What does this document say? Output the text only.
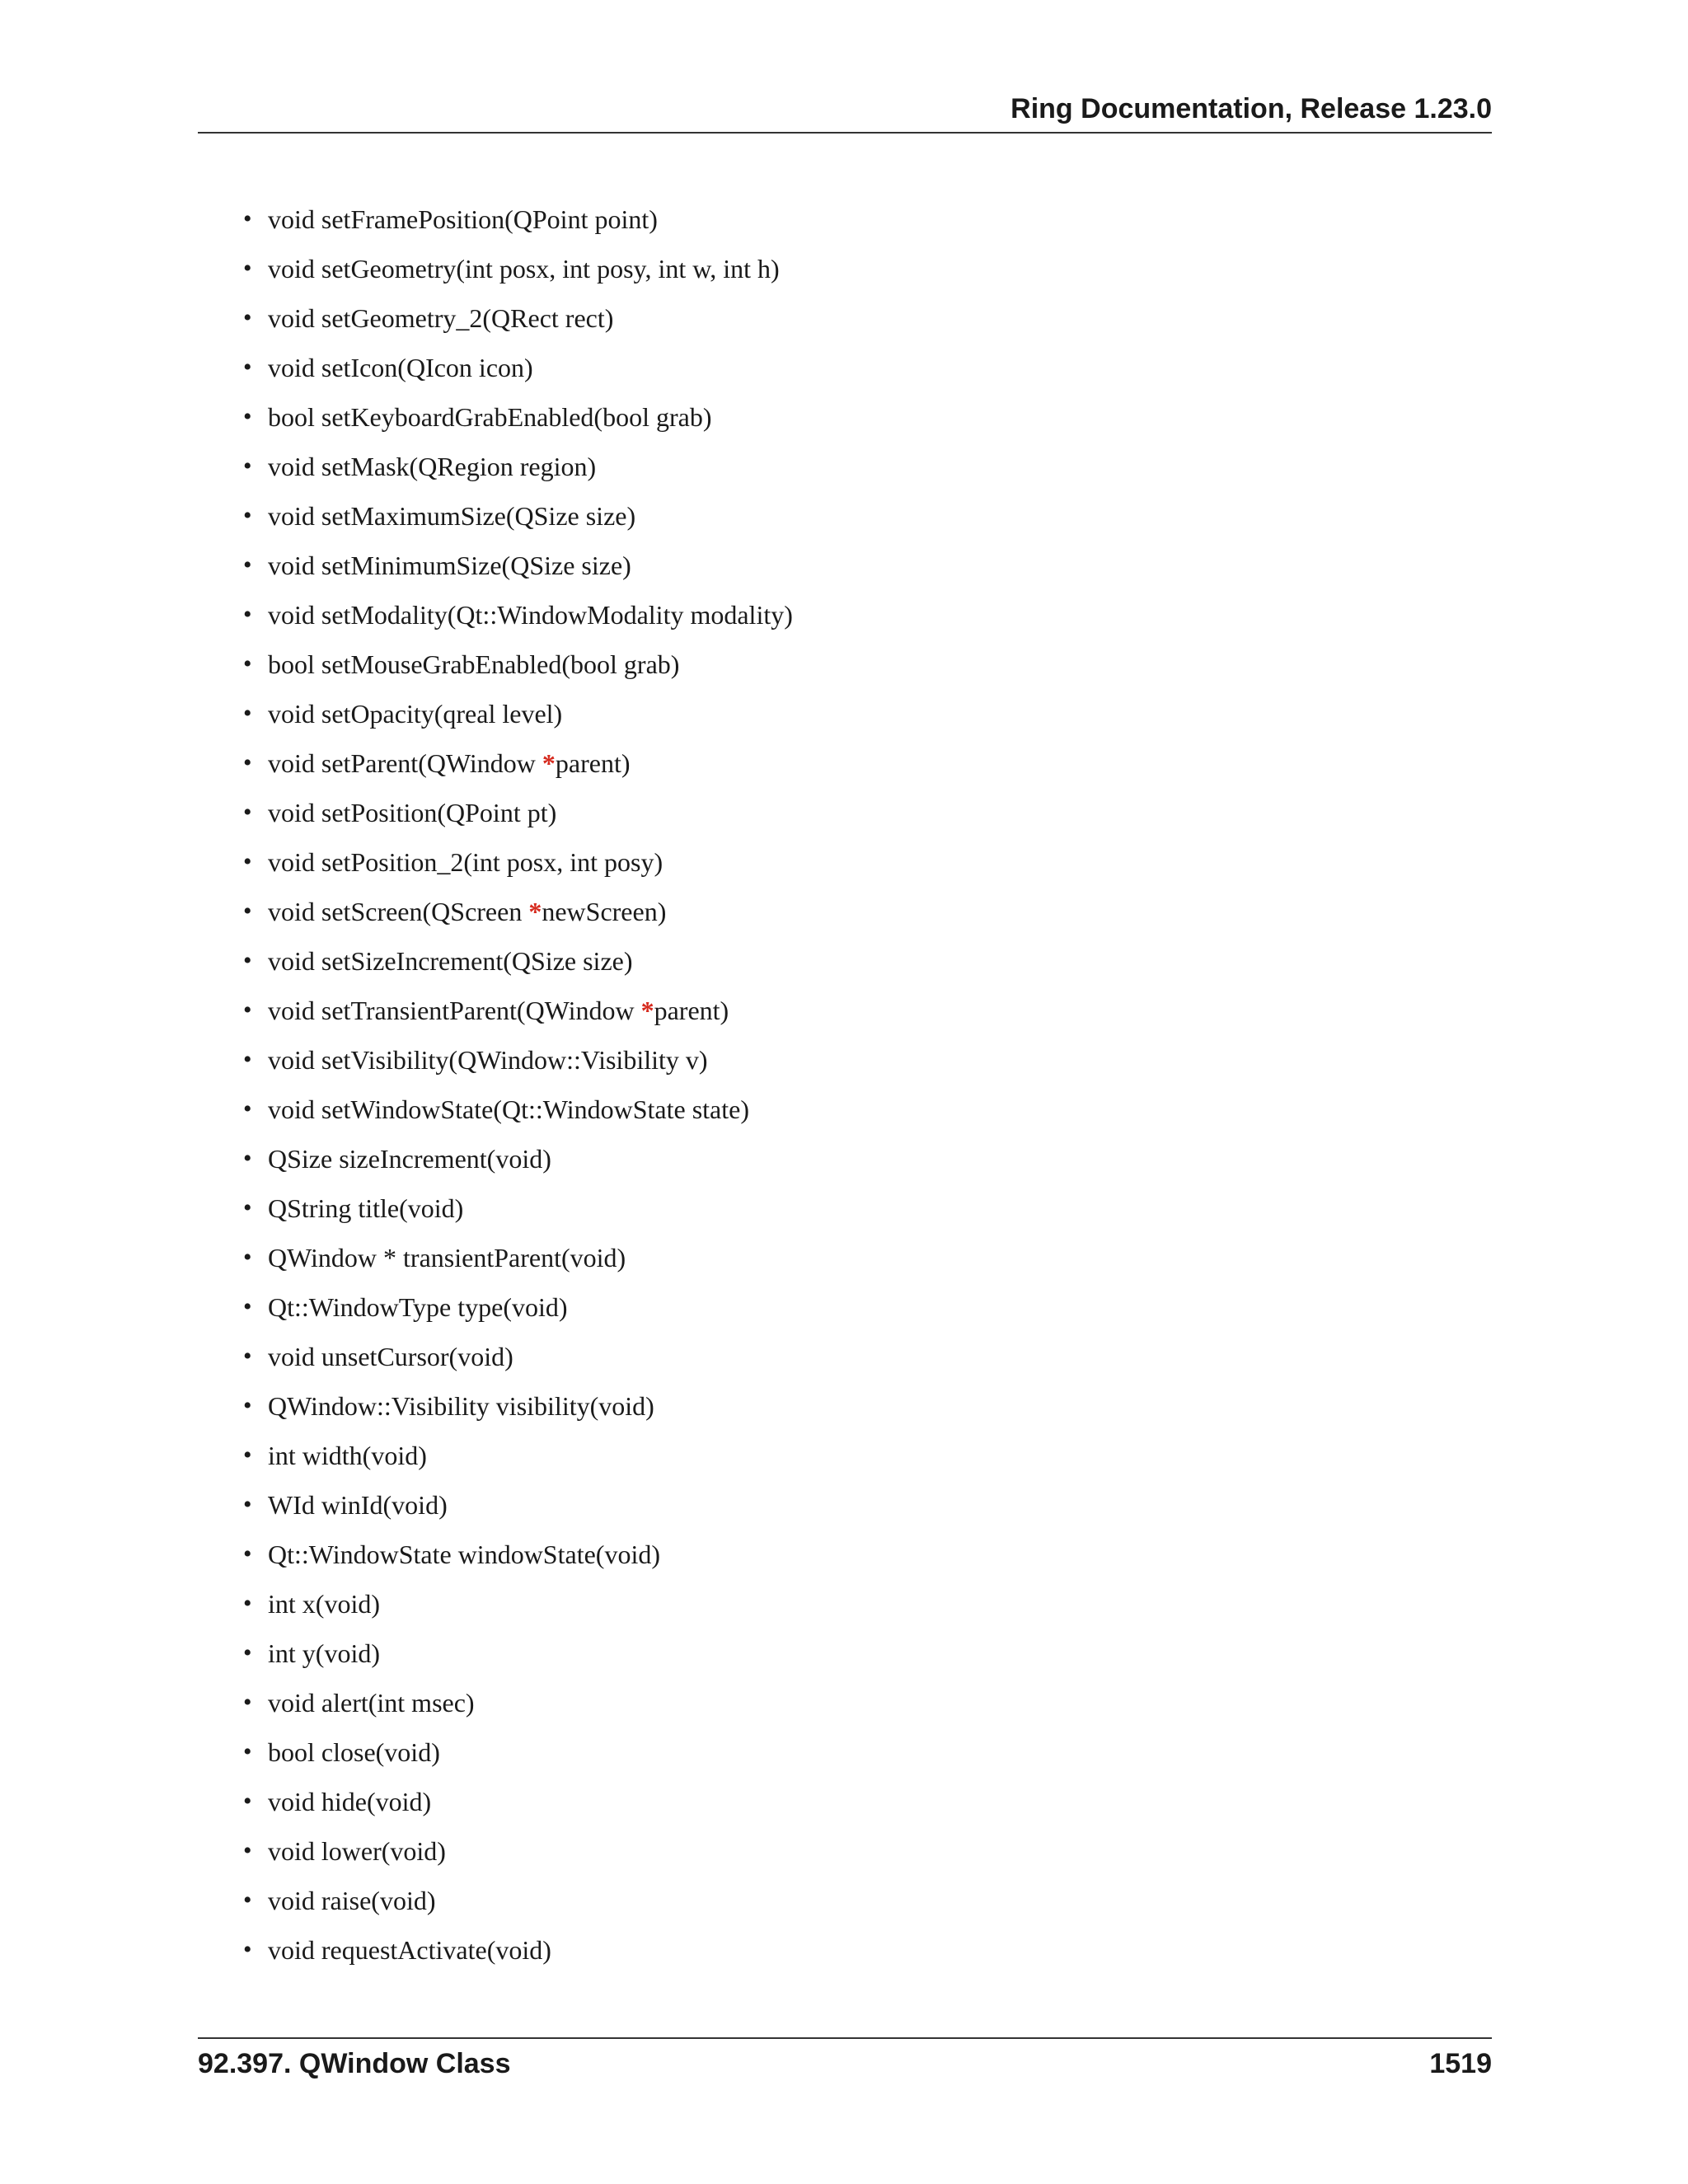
Ring Documentation, Release 1.23.0
• void setFramePosition(QPoint point)
• void setGeometry(int posx, int posy, int w, int h)
• void setGeometry_2(QRect rect)
• void setIcon(QIcon icon)
• bool setKeyboardGrabEnabled(bool grab)
• void setMask(QRegion region)
• void setMaximumSize(QSize size)
• void setMinimumSize(QSize size)
• void setModality(Qt::WindowModality modality)
• bool setMouseGrabEnabled(bool grab)
• void setOpacity(qreal level)
• void setParent(QWindow *parent)
• void setPosition(QPoint pt)
• void setPosition_2(int posx, int posy)
• void setScreen(QScreen *newScreen)
• void setSizeIncrement(QSize size)
• void setTransientParent(QWindow *parent)
• void setVisibility(QWindow::Visibility v)
• void setWindowState(Qt::WindowState state)
• QSize sizeIncrement(void)
• QString title(void)
• QWindow * transientParent(void)
• Qt::WindowType type(void)
• void unsetCursor(void)
• QWindow::Visibility visibility(void)
• int width(void)
• WId winId(void)
• Qt::WindowState windowState(void)
• int x(void)
• int y(void)
• void alert(int msec)
• bool close(void)
• void hide(void)
• void lower(void)
• void raise(void)
• void requestActivate(void)
92.397. QWindow Class	1519
